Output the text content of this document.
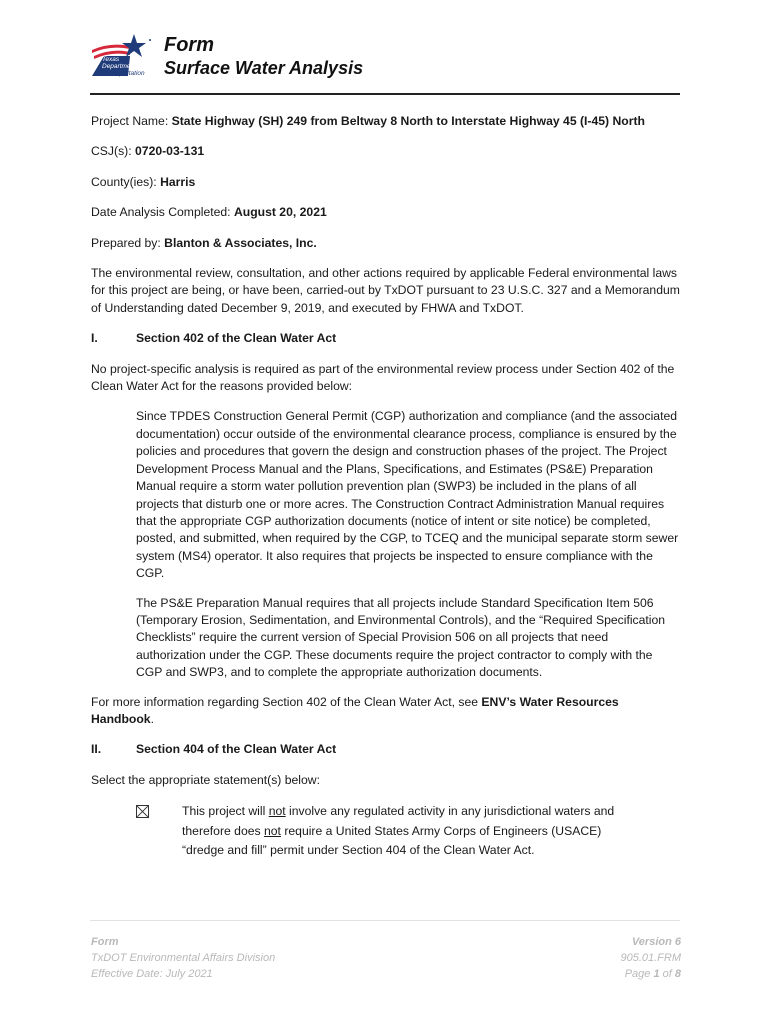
Texas
Department
of Transportation
Form
Surface Water Analysis

Project Name: State Highway (SH) 249 from Beltway 8 North to Interstate Highway 45 (I-45) North

CSJ(s): 0720-03-131

County(ies): Harris

Date Analysis Completed: August 20, 2021

Prepared by: Blanton & Associates, Inc.

The environmental review, consultation, and other actions required by applicable Federal environmental laws for this project are being, or have been, carried-out by TxDOT pursuant to 23 U.S.C. 327 and a Memorandum of Understanding dated December 9, 2019, and executed by FHWA and TxDOT.

I.	Section 402 of the Clean Water Act

No project-specific analysis is required as part of the environmental review process under Section 402 of the Clean Water Act for the reasons provided below:

Since TPDES Construction General Permit (CGP) authorization and compliance (and the associated documentation) occur outside of the environmental clearance process, compliance is ensured by the policies and procedures that govern the design and construction phases of the project. The Project Development Process Manual and the Plans, Specifications, and Estimates (PS&E) Preparation Manual require a storm water pollution prevention plan (SWP3) be included in the plans of all projects that disturb one or more acres. The Construction Contract Administration Manual requires that the appropriate CGP authorization documents (notice of intent or site notice) be completed, posted, and submitted, when required by the CGP, to TCEQ and the municipal separate storm sewer system (MS4) operator. It also requires that projects be inspected to ensure compliance with the CGP.

The PS&E Preparation Manual requires that all projects include Standard Specification Item 506 (Temporary Erosion, Sedimentation, and Environmental Controls), and the “Required Specification Checklists” require the current version of Special Provision 506 on all projects that need authorization under the CGP. These documents require the project contractor to comply with the CGP and SWP3, and to complete the appropriate authorization documents.

For more information regarding Section 402 of the Clean Water Act, see ENV’s Water Resources Handbook.

II.	Section 404 of the Clean Water Act

Select the appropriate statement(s) below:

This project will not involve any regulated activity in any jurisdictional waters and therefore does not require a United States Army Corps of Engineers (USACE) “dredge and fill” permit under Section 404 of the Clean Water Act.
Form
TxDOT Environmental Affairs Division
Effective Date: July 2021
Version 6
905.01.FRM
Page 1 of 8
